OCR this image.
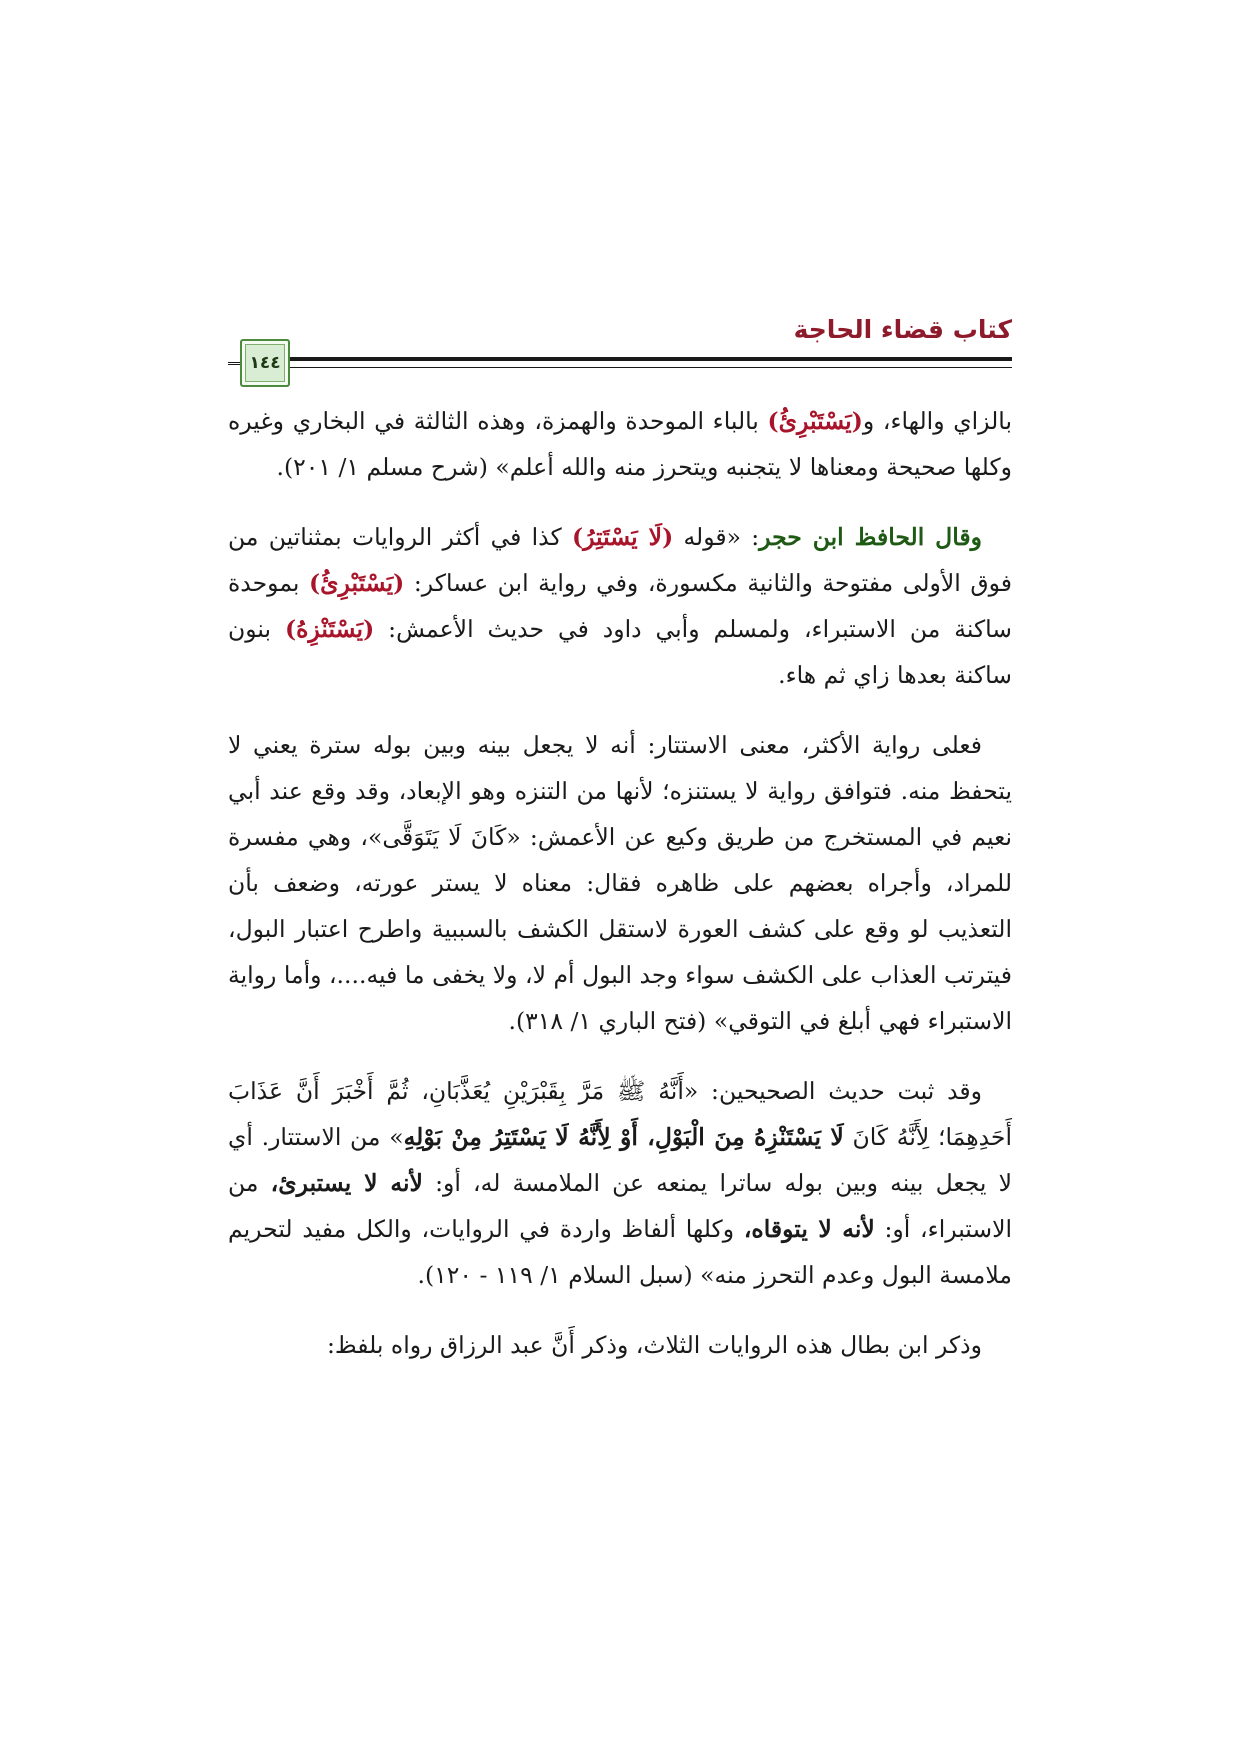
كتاب قضاء الحاجة
١٤٤

بالزاي والهاء، و(يَسْتَبْرِئُ) بالباء الموحدة والهمزة، وهذه الثالثة في البخاري وغيره وكلها صحيحة ومعناها لا يتجنبه ويتحرز منه والله أعلم» (شرح مسلم ١/ ٢٠١).

وقال الحافظ ابن حجر: «قوله (لَا يَسْتَتِرُ) كذا في أكثر الروايات بمثناتين من فوق الأولى مفتوحة والثانية مكسورة، وفي رواية ابن عساكر: (يَسْتَبْرِئُ) بموحدة ساكنة من الاستبراء، ولمسلم وأبي داود في حديث الأعمش: (يَسْتَنْزِهُ) بنون ساكنة بعدها زاي ثم هاء.

فعلى رواية الأكثر، معنى الاستتار: أنه لا يجعل بينه وبين بوله سترة يعني لا يتحفظ منه. فتوافق رواية لا يستنزه؛ لأنها من التنزه وهو الإبعاد، وقد وقع عند أبي نعيم في المستخرج من طريق وكيع عن الأعمش: «كَانَ لَا يَتَوَقَّى»، وهي مفسرة للمراد، وأجراه بعضهم على ظاهره فقال: معناه لا يستر عورته، وضعف بأن التعذيب لو وقع على كشف العورة لاستقل الكشف بالسببية واطرح اعتبار البول، فيترتب العذاب على الكشف سواء وجد البول أم لا، ولا يخفى ما فيه....، وأما رواية الاستبراء فهي أبلغ في التوقي» (فتح الباري ١/ ٣١٨).

وقد ثبت حديث الصحيحين: «أَنَّهُ ﷺ مَرَّ بِقَبْرَيْنِ يُعَذَّبَانِ، ثُمَّ أَخْبَرَ أَنَّ عَذَابَ أَحَدِهِمَا؛ لِأَنَّهُ كَانَ لَا يَسْتَنْزِهُ مِنَ الْبَوْلِ، أَوْ لِأَنَّهُ لَا يَسْتَتِرُ مِنْ بَوْلِهِ» من الاستتار. أي لا يجعل بينه وبين بوله ساترا يمنعه عن الملامسة له، أو: لأنه لا يستبرئ، من الاستبراء، أو: لأنه لا يتوقاه، وكلها ألفاظ واردة في الروايات، والكل مفيد لتحريم ملامسة البول وعدم التحرز منه» (سبل السلام ١/ ١١٩ - ١٢٠).

وذكر ابن بطال هذه الروايات الثلاث، وذكر أَنَّ عبد الرزاق رواه بلفظ:
